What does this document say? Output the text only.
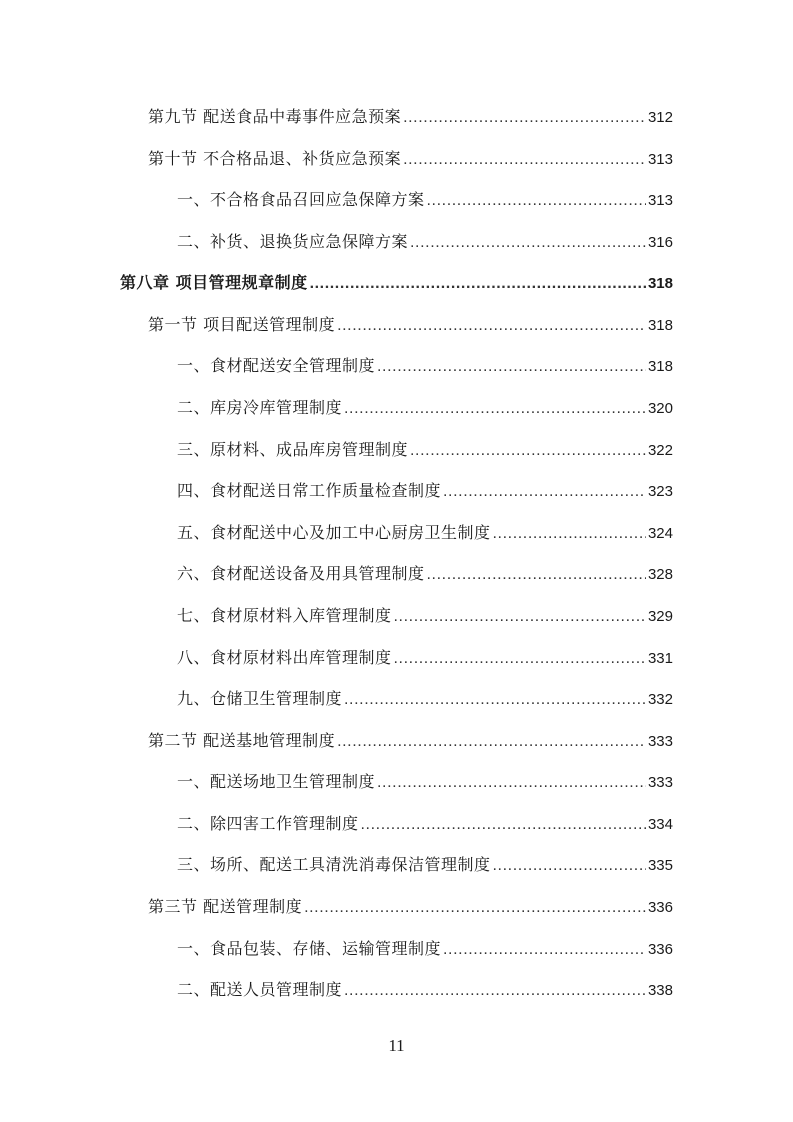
第九节 配送食品中毒事件应急预案 .....	312
第十节 不合格品退、补货应急预案 .....	313
一、不合格食品召回应急保障方案 .....	313
二、补货、退换货应急保障方案 .....	316
第八章 项目管理规章制度 .....	318
第一节 项目配送管理制度 .....	318
一、食材配送安全管理制度 .....	318
二、库房冷库管理制度 .....	320
三、原材料、成品库房管理制度 .....	322
四、食材配送日常工作质量检查制度 .....	323
五、食材配送中心及加工中心厨房卫生制度 .....	324
六、食材配送设备及用具管理制度 .....	328
七、食材原材料入库管理制度 .....	329
八、食材原材料出库管理制度 .....	331
九、仓储卫生管理制度 .....	332
第二节 配送基地管理制度 .....	333
一、配送场地卫生管理制度 .....	333
二、除四害工作管理制度 .....	334
三、场所、配送工具清洗消毒保洁管理制度 .....	335
第三节 配送管理制度 .....	336
一、食品包装、存储、运输管理制度 .....	336
二、配送人员管理制度 .....	338
11
